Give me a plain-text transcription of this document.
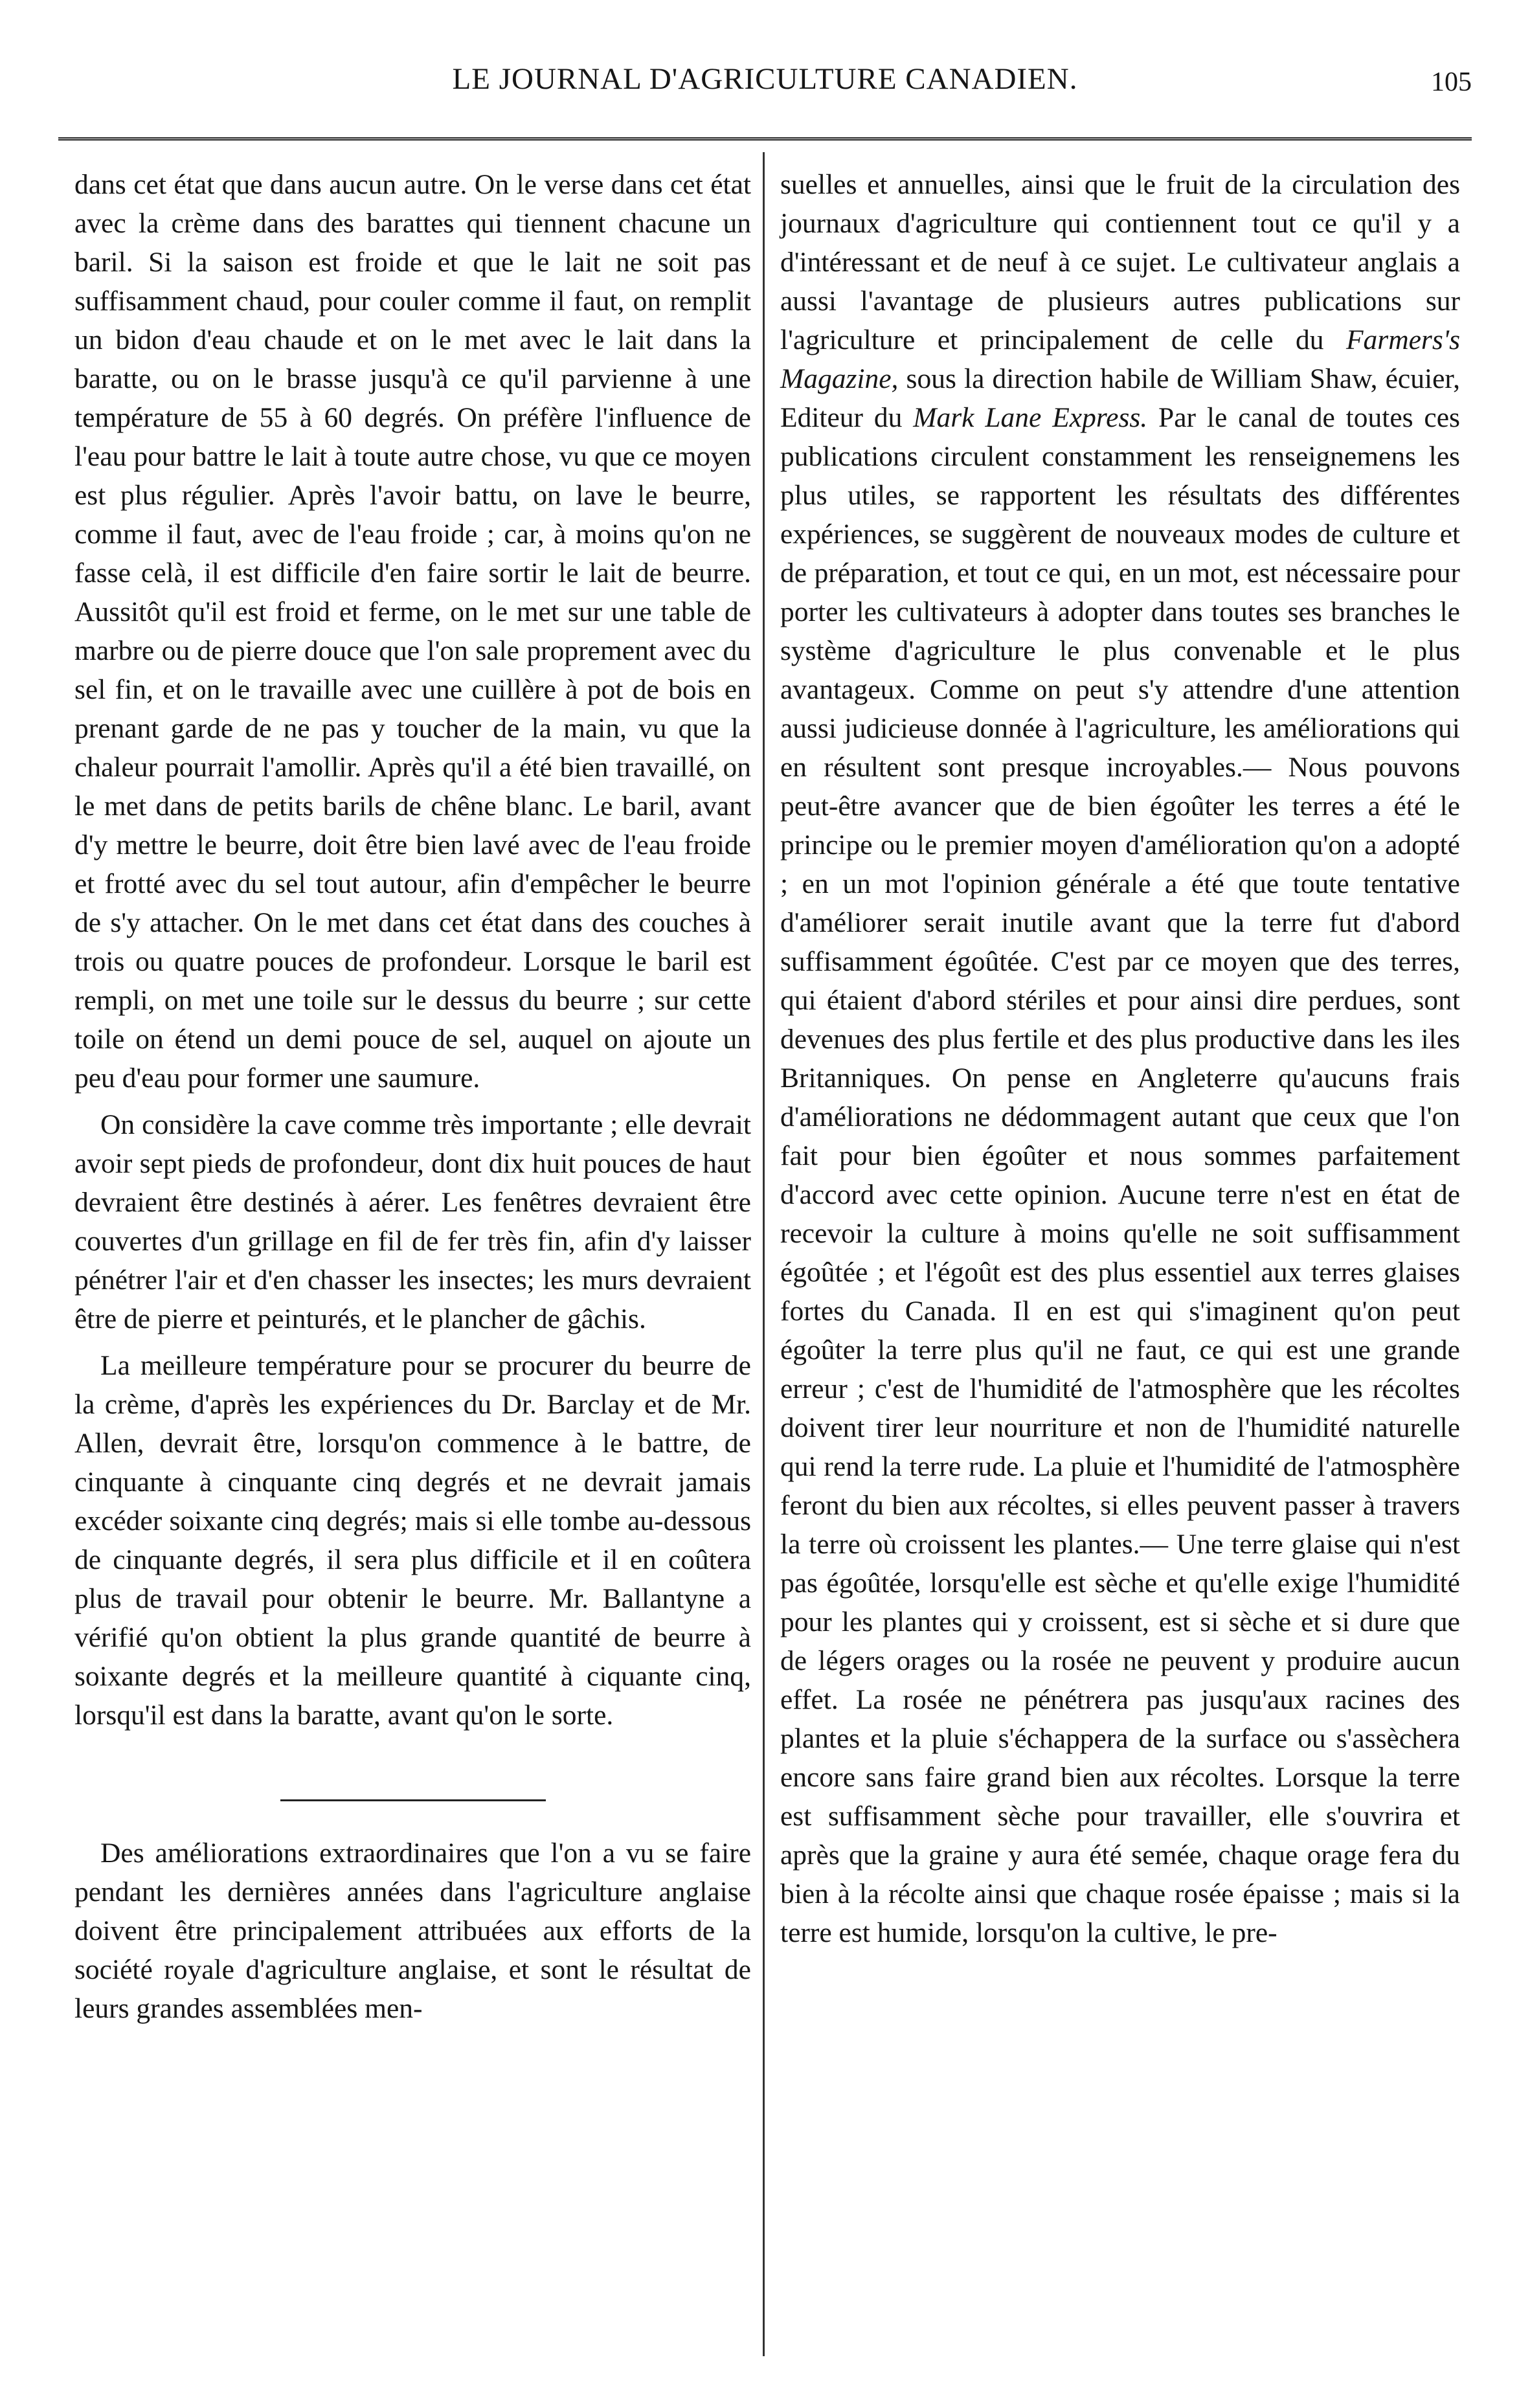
LE JOURNAL D'AGRICULTURE CANADIEN.	105

dans cet état que dans aucun autre. On le verse dans cet état avec la crème dans des barattes qui tiennent chacune un baril. Si la saison est froide et que le lait ne soit pas suffisamment chaud, pour couler comme il faut, on remplit un bidon d'eau chaude et on le met avec le lait dans la baratte, ou on le brasse jusqu'à ce qu'il parvienne à une température de 55 à 60 degrés. On préfère l'influence de l'eau pour battre le lait à toute autre chose, vu que ce moyen est plus régulier. Après l'avoir battu, on lave le beurre, comme il faut, avec de l'eau froide ; car, à moins qu'on ne fasse celà, il est difficile d'en faire sortir le lait de beurre. Aussitôt qu'il est froid et ferme, on le met sur une table de marbre ou de pierre douce que l'on sale proprement avec du sel fin, et on le travaille avec une cuillère à pot de bois en prenant garde de ne pas y toucher de la main, vu que la chaleur pourrait l'amollir. Après qu'il a été bien travaillé, on le met dans de petits barils de chêne blanc. Le baril, avant d'y mettre le beurre, doit être bien lavé avec de l'eau froide et frotté avec du sel tout autour, afin d'empêcher le beurre de s'y attacher. On le met dans cet état dans des couches à trois ou quatre pouces de profondeur. Lorsque le baril est rempli, on met une toile sur le dessus du beurre ; sur cette toile on étend un demi pouce de sel, auquel on ajoute un peu d'eau pour former une saumure.

On considère la cave comme très importante ; elle devrait avoir sept pieds de profondeur, dont dix huit pouces de haut devraient être destinés à aérer. Les fenêtres devraient être couvertes d'un grillage en fil de fer très fin, afin d'y laisser pénétrer l'air et d'en chasser les insectes; les murs devraient être de pierre et peinturés, et le plancher de gâchis.

La meilleure température pour se procurer du beurre de la crème, d'après les expériences du Dr. Barclay et de Mr. Allen, devrait être, lorsqu'on commence à le battre, de cinquante à cinquante cinq degrés et ne devrait jamais excéder soixante cinq degrés; mais si elle tombe au-dessous de cinquante degrés, il sera plus difficile et il en coûtera plus de travail pour obtenir le beurre. Mr. Ballantyne a vérifié qu'on obtient la plus grande quantité de beurre à soixante degrés et la meilleure quantité à ciquante cinq, lorsqu'il est dans la baratte, avant qu'on le sorte.

Des améliorations extraordinaires que l'on a vu se faire pendant les dernières années dans l'agriculture anglaise doivent être principalement attribuées aux efforts de la société royale d'agriculture anglaise, et sont le résultat de leurs grandes assemblées men-

suelles et annuelles, ainsi que le fruit de la circulation des journaux d'agriculture qui contiennent tout ce qu'il y a d'intéressant et de neuf à ce sujet. Le cultivateur anglais a aussi l'avantage de plusieurs autres publications sur l'agriculture et principalement de celle du Farmers's Magazine, sous la direction habile de William Shaw, écuier, Editeur du Mark Lane Express. Par le canal de toutes ces publications circulent constamment les renseignemens les plus utiles, se rapportent les résultats des différentes expériences, se suggèrent de nouveaux modes de culture et de préparation, et tout ce qui, en un mot, est nécessaire pour porter les cultivateurs à adopter dans toutes ses branches le système d'agriculture le plus convenable et le plus avantageux. Comme on peut s'y attendre d'une attention aussi judicieuse donnée à l'agriculture, les améliorations qui en résultent sont presque incroyables.— Nous pouvons peut-être avancer que de bien égoûter les terres a été le principe ou le premier moyen d'amélioration qu'on a adopté ; en un mot l'opinion générale a été que toute tentative d'améliorer serait inutile avant que la terre fut d'abord suffisamment égoûtée. C'est par ce moyen que des terres, qui étaient d'abord stériles et pour ainsi dire perdues, sont devenues des plus fertile et des plus productive dans les iles Britanniques. On pense en Angleterre qu'aucuns frais d'améliorations ne dédommagent autant que ceux que l'on fait pour bien égoûter et nous sommes parfaitement d'accord avec cette opinion. Aucune terre n'est en état de recevoir la culture à moins qu'elle ne soit suffisamment égoûtée ; et l'égoût est des plus essentiel aux terres glaises fortes du Canada. Il en est qui s'imaginent qu'on peut égoûter la terre plus qu'il ne faut, ce qui est une grande erreur ; c'est de l'humidité de l'atmosphère que les récoltes doivent tirer leur nourriture et non de l'humidité naturelle qui rend la terre rude. La pluie et l'humidité de l'atmosphère feront du bien aux récoltes, si elles peuvent passer à travers la terre où croissent les plantes.— Une terre glaise qui n'est pas égoûtée, lorsqu'elle est sèche et qu'elle exige l'humidité pour les plantes qui y croissent, est si sèche et si dure que de légers orages ou la rosée ne peuvent y produire aucun effet. La rosée ne pénétrera pas jusqu'aux racines des plantes et la pluie s'échappera de la surface ou s'assèchera encore sans faire grand bien aux récoltes. Lorsque la terre est suffisamment sèche pour travailler, elle s'ouvrira et après que la graine y aura été semée, chaque orage fera du bien à la récolte ainsi que chaque rosée épaisse ; mais si la terre est humide, lorsqu'on la cultive, le pre-
